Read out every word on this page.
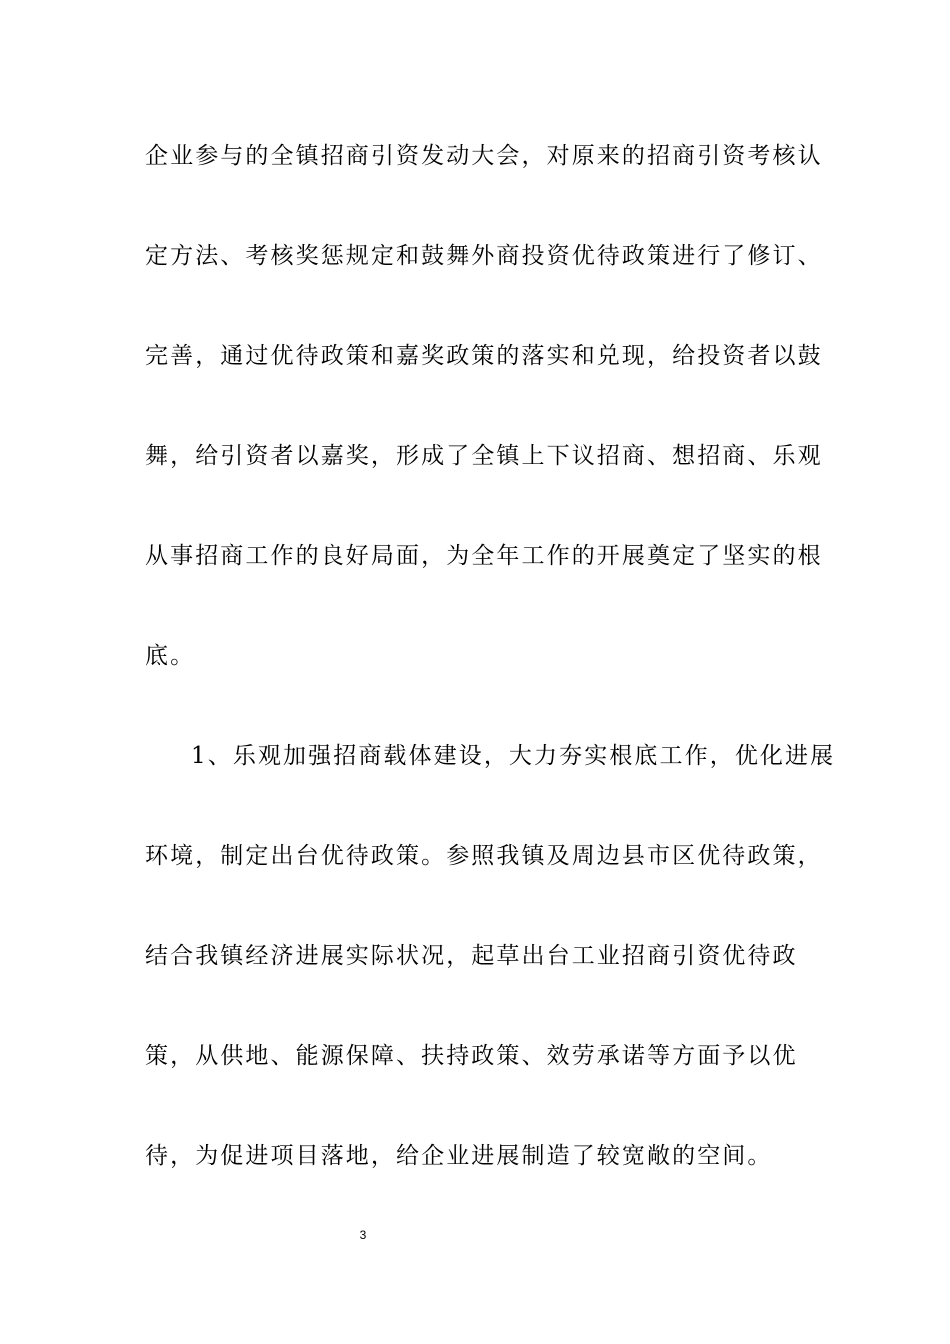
企业参与的全镇招商引资发动大会，对原来的招商引资考核认
定方法、考核奖惩规定和鼓舞外商投资优待政策进行了修订、
完善，通过优待政策和嘉奖政策的落实和兑现，给投资者以鼓
舞，给引资者以嘉奖，形成了全镇上下议招商、想招商、乐观
从事招商工作的良好局面，为全年工作的开展奠定了坚实的根
底。
1、乐观加强招商载体建设，大力夯实根底工作，优化进展
环境，制定出台优待政策。参照我镇及周边县市区优待政策，
结合我镇经济进展实际状况，起草出台工业招商引资优待政
策，从供地、能源保障、扶持政策、效劳承诺等方面予以优
待，为促进项目落地，给企业进展制造了较宽敞的空间。
3
